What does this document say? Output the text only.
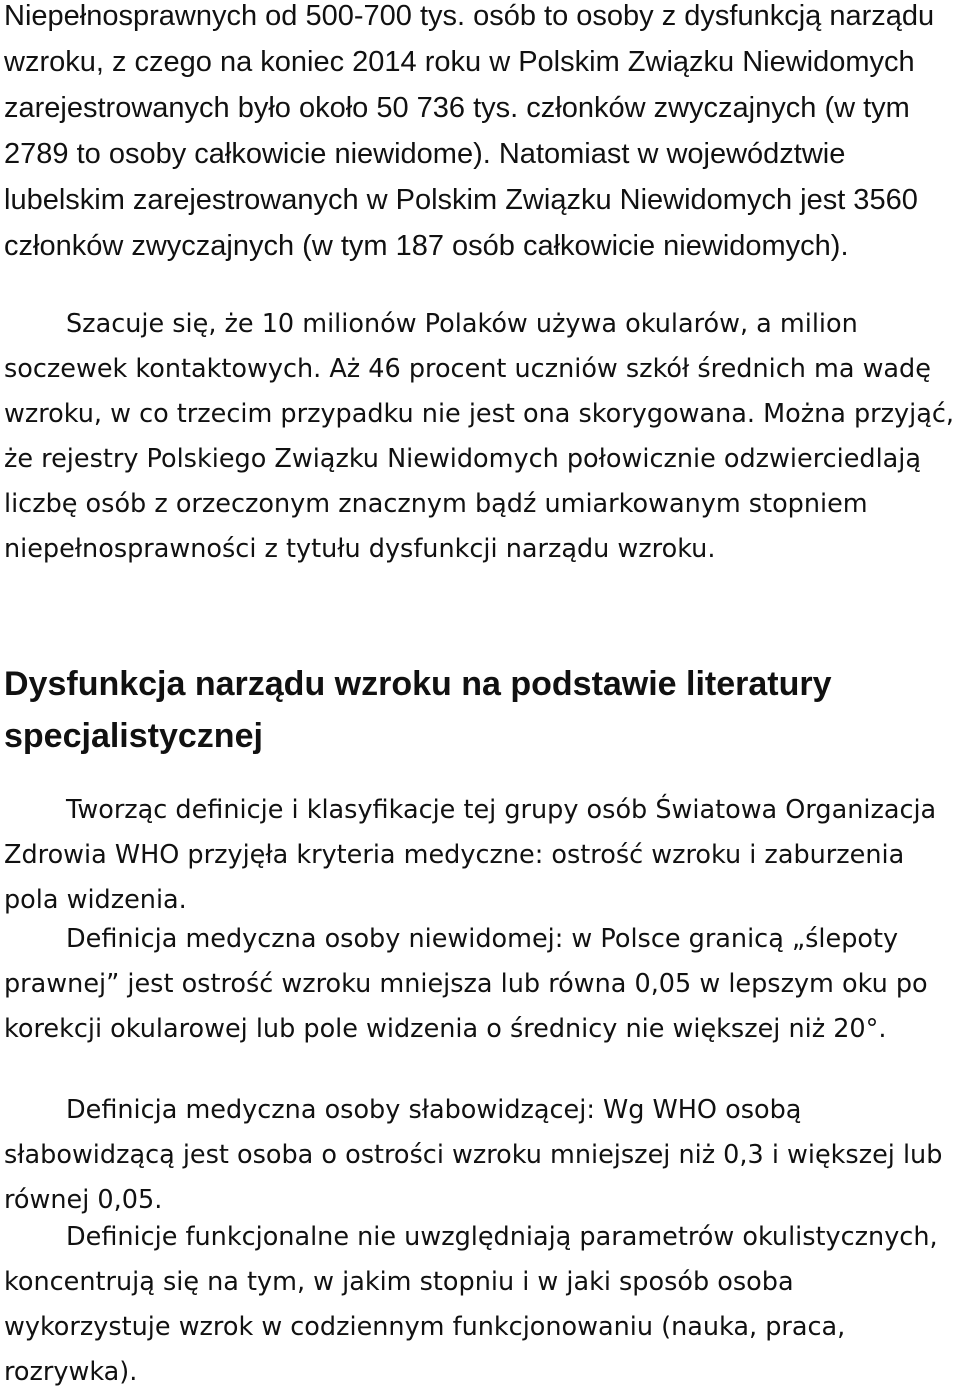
Niepełnosprawnych od 500-700 tys. osób to osoby z dysfunkcją narządu wzroku, z czego na koniec 2014 roku w Polskim Związku Niewidomych zarejestrowanych było około 50 736 tys. członków zwyczajnych (w tym 2789 to osoby całkowicie niewidome). Natomiast w województwie lubelskim zarejestrowanych w Polskim Związku Niewidomych jest 3560 członków zwyczajnych (w tym 187 osób całkowicie niewidomych).

Szacuje się, że 10 milionów Polaków używa okularów, a milion soczewek kontaktowych. Aż 46 procent uczniów szkół średnich ma wadę wzroku, w co trzecim przypadku nie jest ona skorygowana. Można przyjąć, że rejestry Polskiego Związku Niewidomych połowicznie odzwierciedlają liczbę osób z orzeczonym znacznym bądź umiarkowanym stopniem niepełnosprawności z tytułu dysfunkcji narządu wzroku.

Dysfunkcja narządu wzroku na podstawie literatury specjalistycznej

Tworząc definicje i klasyfikacje tej grupy osób Światowa Organizacja Zdrowia WHO przyjęła kryteria medyczne: ostrość wzroku i zaburzenia pola widzenia.

Definicja medyczna osoby niewidomej: w Polsce granicą „ślepoty prawnej” jest ostrość wzroku mniejsza lub równa 0,05 w lepszym oku po korekcji okularowej lub pole widzenia o średnicy nie większej niż 20°.

Definicja medyczna osoby słabowidzącej: Wg WHO osobą słabowidzącą jest osoba o ostrości wzroku mniejszej niż 0,3 i większej lub równej 0,05.

Definicje funkcjonalne nie uwzględniają parametrów okulistycznych, koncentrują się na tym, w jakim stopniu i w jaki sposób osoba wykorzystuje wzrok w codziennym funkcjonowaniu (nauka, praca, rozrywka).
